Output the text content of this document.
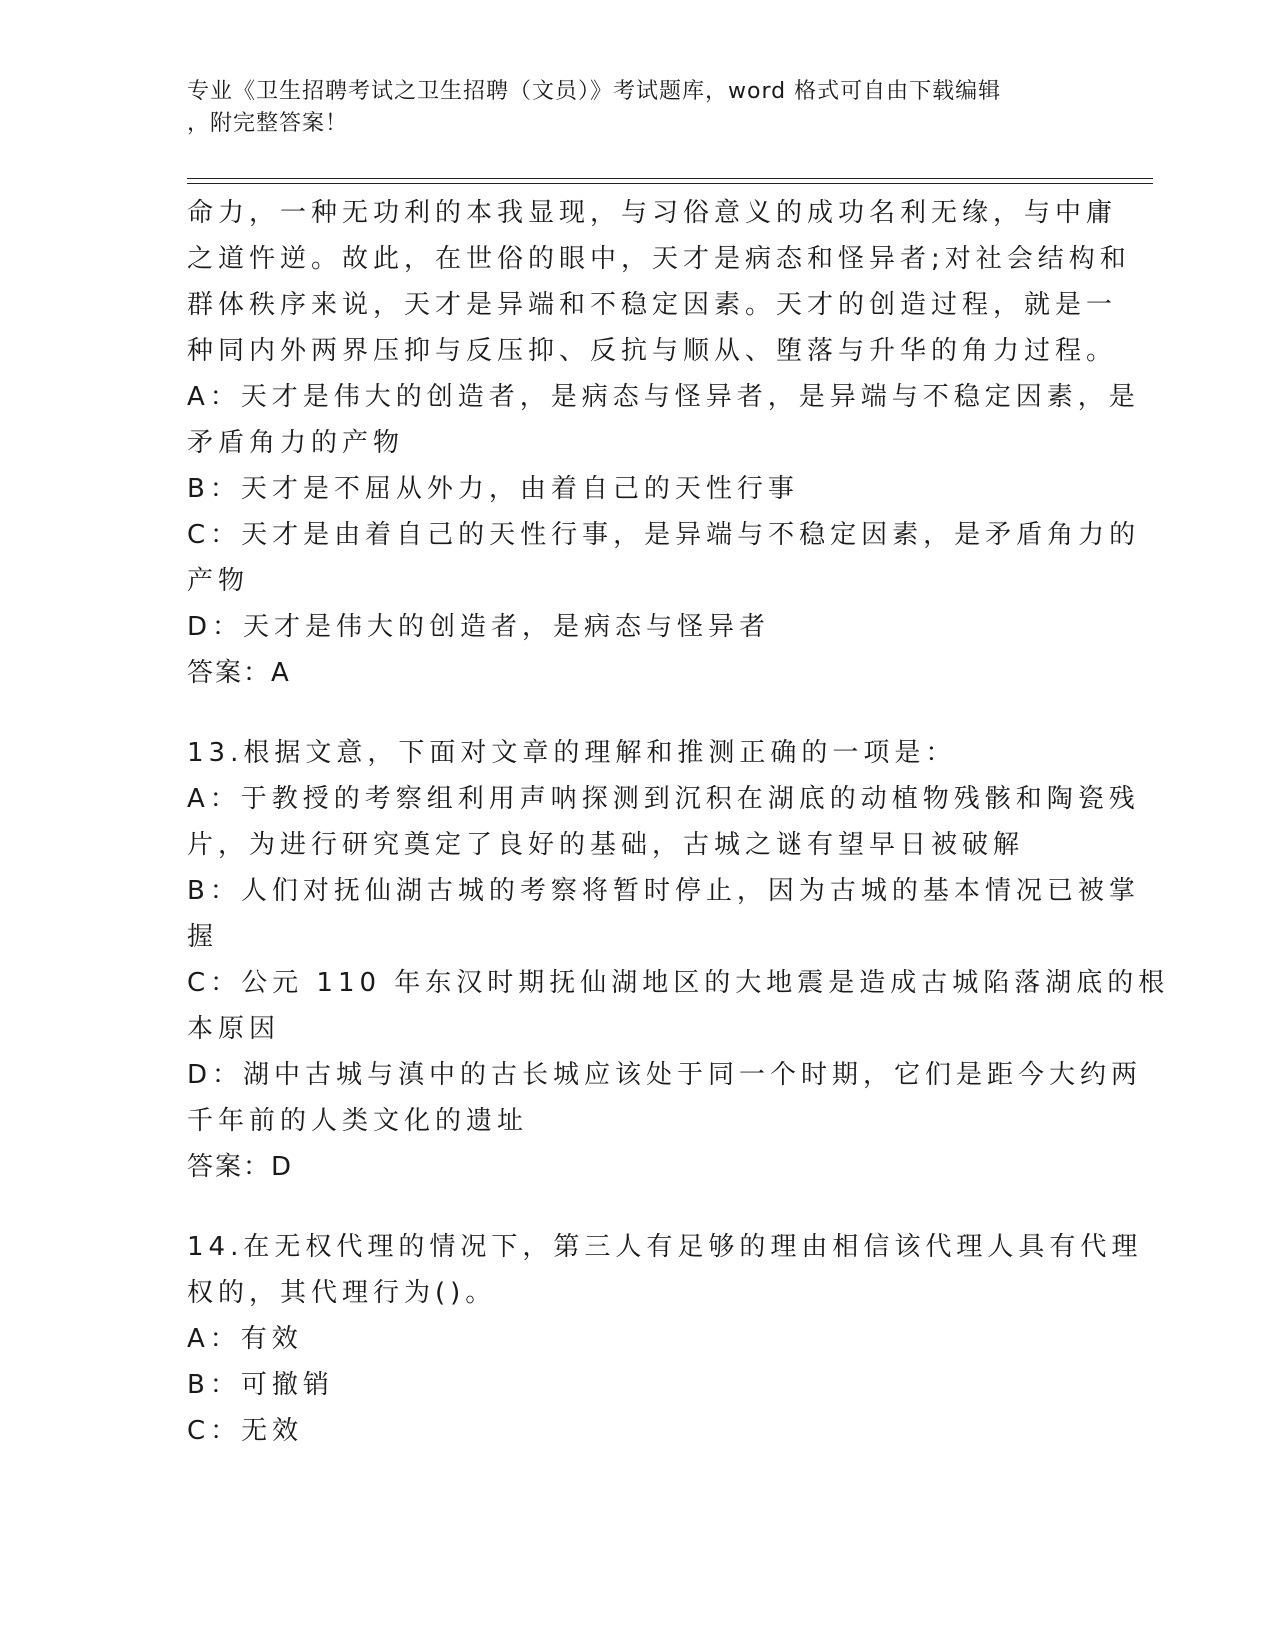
专业《卫生招聘考试之卫生招聘（文员）》考试题库，word 格式可自由下载编辑
，附完整答案！
命力，一种无功利的本我显现，与习俗意义的成功名利无缘，与中庸
之道忤逆。故此，在世俗的眼中，天才是病态和怪异者;对社会结构和
群体秩序来说，天才是异端和不稳定因素。天才的创造过程，就是一
种同内外两界压抑与反压抑、反抗与顺从、堕落与升华的角力过程。
A：天才是伟大的创造者，是病态与怪异者，是异端与不稳定因素，是
矛盾角力的产物
B：天才是不屈从外力，由着自己的天性行事
C：天才是由着自己的天性行事，是异端与不稳定因素，是矛盾角力的
产物
D：天才是伟大的创造者，是病态与怪异者
答案：A
13.根据文意，下面对文章的理解和推测正确的一项是：
A：于教授的考察组利用声呐探测到沉积在湖底的动植物残骸和陶瓷残
片，为进行研究奠定了良好的基础，古城之谜有望早日被破解
B：人们对抚仙湖古城的考察将暂时停止，因为古城的基本情况已被掌
握
C：公元 110 年东汉时期抚仙湖地区的大地震是造成古城陷落湖底的根
本原因
D：湖中古城与滇中的古长城应该处于同一个时期，它们是距今大约两
千年前的人类文化的遗址
答案：D
14.在无权代理的情况下，第三人有足够的理由相信该代理人具有代理
权的，其代理行为()。
A：有效
B：可撤销
C：无效
